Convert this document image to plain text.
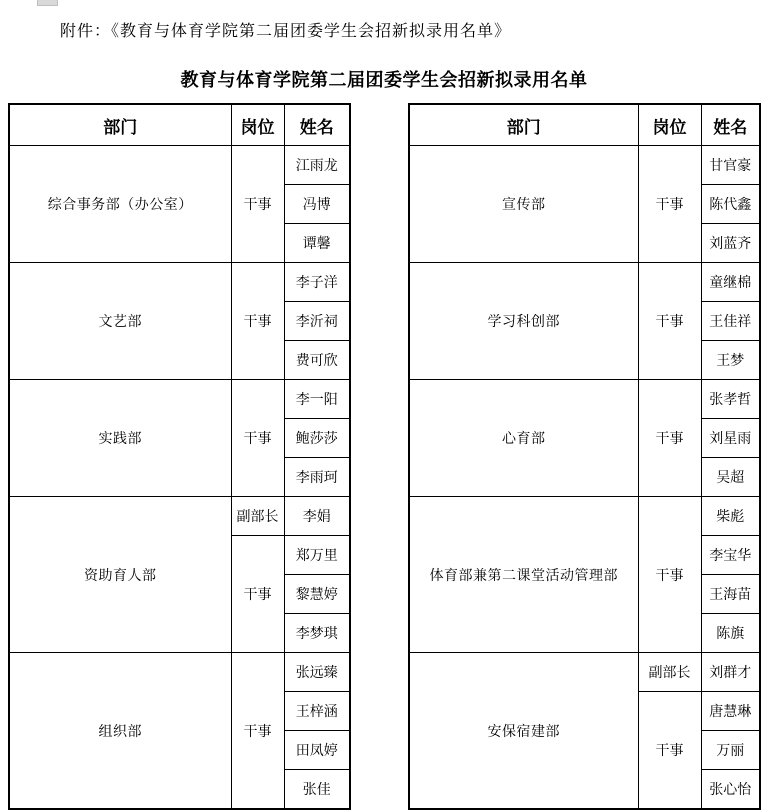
附件：《教育与体育学院第二届团委学生会招新拟录用名单》
教育与体育学院第二届团委学生会招新拟录用名单
部门	岗位	姓名
综合事务部（办公室）	干事	江雨龙
		冯博
		谭馨
文艺部	干事	李子洋
		李沂祠
		费可欣
实践部	干事	李一阳
		鲍莎莎
		李雨珂
资助育人部	副部长	李娟
	干事	郑万里
		黎慧婷
		李梦琪
组织部	干事	张远臻
		王梓涵
		田凤婷
		张佳
部门	岗位	姓名
宣传部	干事	甘官豪
		陈代鑫
		刘蓝齐
学习科创部	干事	童继棉
		王佳祥
		王梦
心育部	干事	张孝哲
		刘星雨
		吴超
体育部兼第二课堂活动管理部	干事	柴彪
		李宝华
		王海苗
		陈旗
安保宿建部	副部长	刘群才
	干事	唐慧琳
		万丽
		张心怡
